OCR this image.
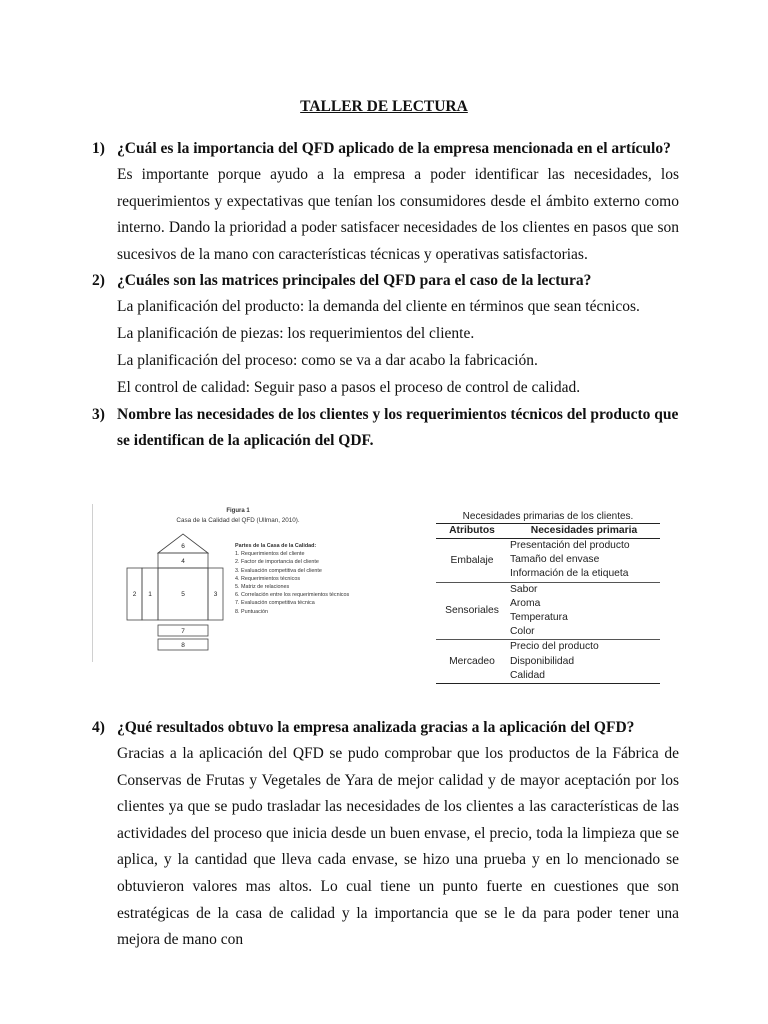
TALLER DE LECTURA
1) ¿Cuál es la importancia del QFD aplicado de la empresa mencionada en el artículo?
Es importante porque ayudo a la empresa a poder identificar las necesidades, los requerimientos y expectativas que tenían los consumidores desde el ámbito externo como interno. Dando la prioridad a poder satisfacer necesidades de los clientes en pasos que son sucesivos de la mano con características técnicas y operativas satisfactorias.
2) ¿Cuáles son las matrices principales del QFD para el caso de la lectura?
La planificación del producto: la demanda del cliente en términos que sean técnicos.
La planificación de piezas: los requerimientos del cliente.
La planificación del proceso: como se va a dar acabo la fabricación.
El control de calidad: Seguir paso a pasos el proceso de control de calidad.
3) Nombre las necesidades de los clientes y los requerimientos técnicos del producto que se identifican de la aplicación del QDF.
Figura 1
Casa de la Calidad del QFD (Ullman, 2010).
6
4
5	3
1
2
7
8
Partes de la Casa de la Calidad:
1. Requerimientos del cliente
2. Factor de importancia del cliente
3. Evaluación competitiva del cliente
4. Requerimientos técnicos
5. Matriz de relaciones
6. Correlación entre los requerimientos técnicos
7. Evaluación competitiva técnica
8. Puntuación
Necesidades primarias de los clientes.
Atributos	Necesidades primaria
Embalaje
Presentación del producto
Tamaño del envase
Información de la etiqueta
Sensoriales
Sabor
Aroma
Temperatura
Color
Mercadeo
Precio del producto
Disponibilidad
Calidad
4) ¿Qué resultados obtuvo la empresa analizada gracias a la aplicación del QFD?
Gracias a la aplicación del QFD se pudo comprobar que los productos de la Fábrica de Conservas de Frutas y Vegetales de Yara de mejor calidad y de mayor aceptación por los clientes ya que se pudo trasladar las necesidades de los clientes a las características de las actividades del proceso que inicia desde un buen envase, el precio, toda la limpieza que se aplica, y la cantidad que lleva cada envase, se hizo una prueba y en lo mencionado se obtuvieron valores mas altos. Lo cual tiene un punto fuerte en cuestiones que son estratégicas de la casa de calidad y la importancia que se le da para poder tener una mejora de mano con
